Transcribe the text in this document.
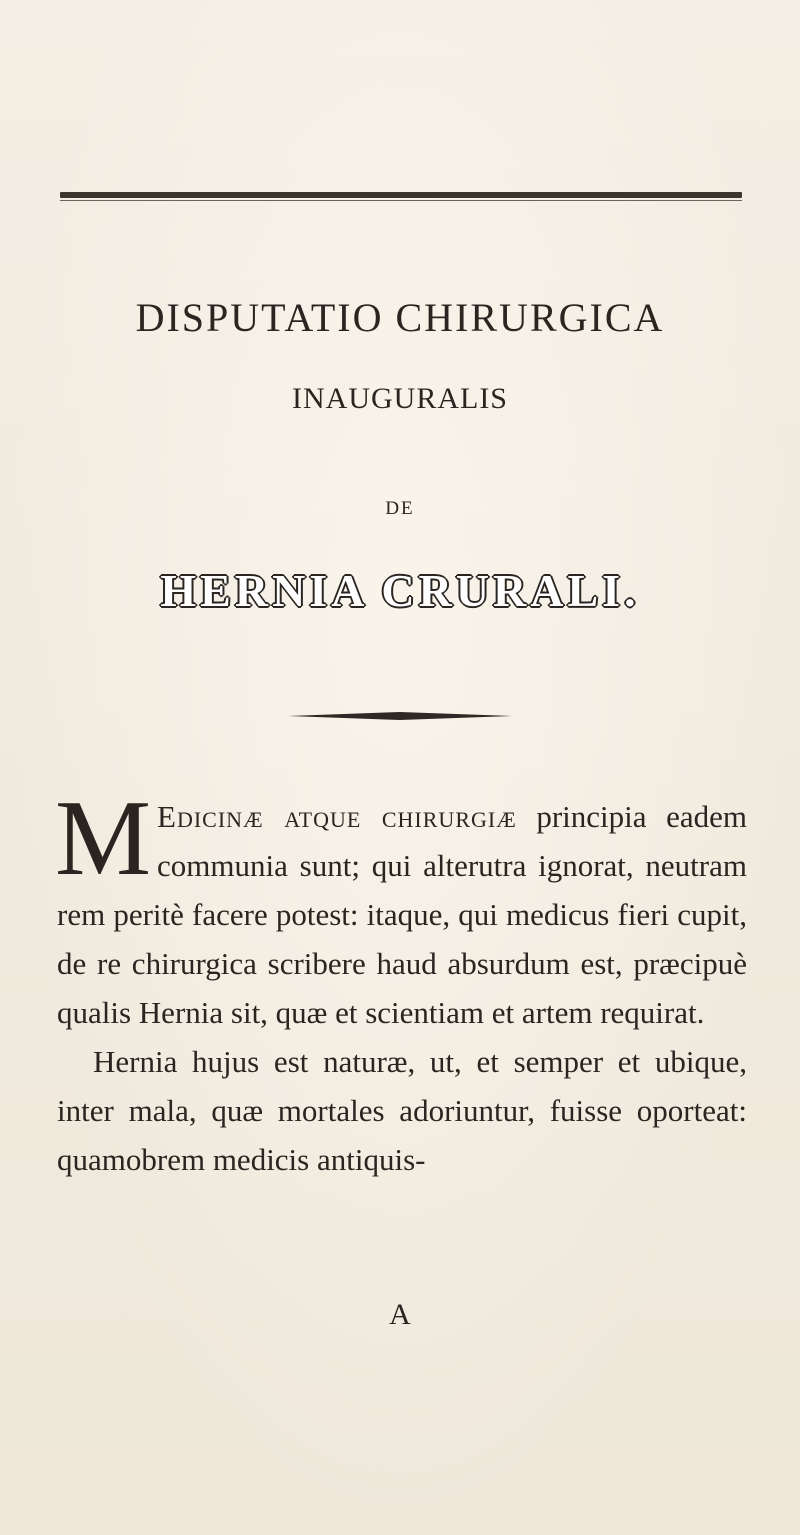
DISPUTATIO CHIRURGICA
INAUGURALIS
DE
HERNIA CRURALI.
M Edicinæ atque chirurgiæ principia eadem communia sunt; qui alterutra ignorat, neutram rem peritè facere potest: itaque, qui medicus fieri cupit, de re chirurgica scribere haud absurdum est, præcipuè qualis Hernia sit, quæ et scientiam et artem requirat.
Hernia hujus est naturæ, ut, et semper et ubique, inter mala, quæ mortales adoriuntur, fuisse oporteat: quamobrem medicis antiquis-
A
